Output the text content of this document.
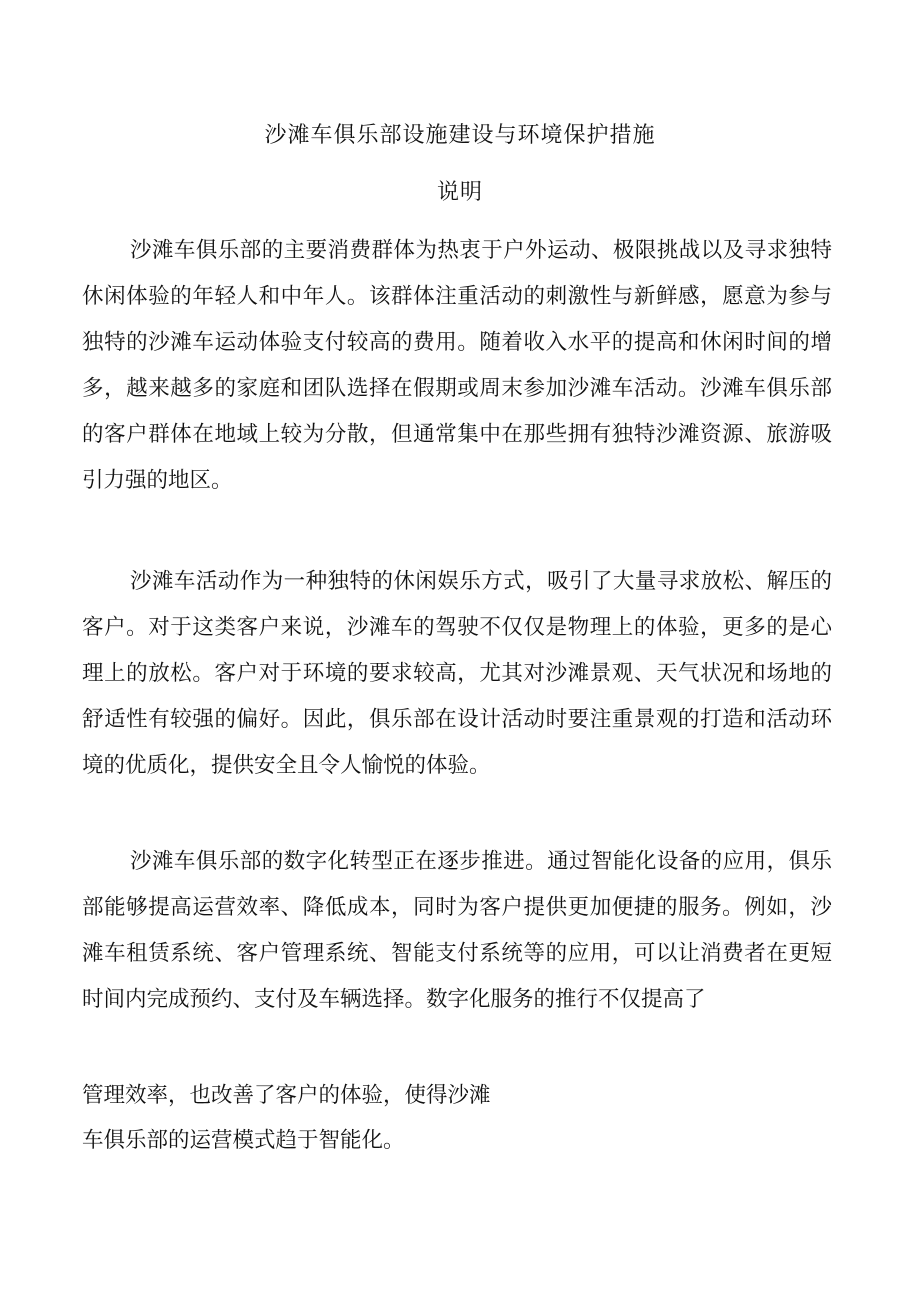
沙滩车俱乐部设施建设与环境保护措施
说明

沙滩车俱乐部的主要消费群体为热衷于户外运动、极限挑战以及寻求独特休闲体验的年轻人和中年人。该群体注重活动的刺激性与新鲜感，愿意为参与独特的沙滩车运动体验支付较高的费用。随着收入水平的提高和休闲时间的增多，越来越多的家庭和团队选择在假期或周末参加沙滩车活动。沙滩车俱乐部的客户群体在地域上较为分散，但通常集中在那些拥有独特沙滩资源、旅游吸引力强的地区。

沙滩车活动作为一种独特的休闲娱乐方式，吸引了大量寻求放松、解压的客户。对于这类客户来说，沙滩车的驾驶不仅仅是物理上的体验，更多的是心理上的放松。客户对于环境的要求较高，尤其对沙滩景观、天气状况和场地的舒适性有较强的偏好。因此，俱乐部在设计活动时要注重景观的打造和活动环境的优质化，提供安全且令人愉悦的体验。

沙滩车俱乐部的数字化转型正在逐步推进。通过智能化设备的应用，俱乐部能够提高运营效率、降低成本，同时为客户提供更加便捷的服务。例如，沙滩车租赁系统、客户管理系统、智能支付系统等的应用，可以让消费者在更短时间内完成预约、支付及车辆选择。数字化服务的推行不仅提高了

管理效率，也改善了客户的体验，使得沙滩

车俱乐部的运营模式趋于智能化。
